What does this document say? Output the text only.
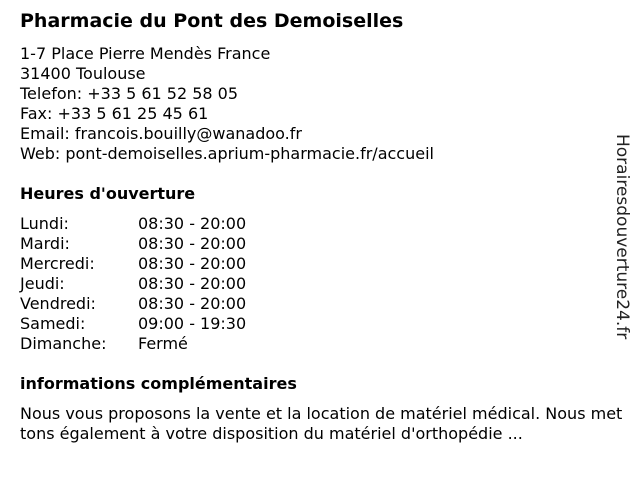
Pharmacie du Pont des Demoiselles
1-7 Place Pierre Mendès France
31400 Toulouse
Telefon: +33 5 61 52 58 05
Fax: +33 5 61 25 45 61
Email: francois.bouilly@wanadoo.fr
Web: pont-demoiselles.aprium-pharmacie.fr/accueil
Heures d'ouverture
Lundi:	08:30 - 20:00
Mardi:	08:30 - 20:00
Mercredi:	08:30 - 20:00
Jeudi:	08:30 - 20:00
Vendredi:	08:30 - 20:00
Samedi:	09:00 - 19:30
Dimanche:	Fermé
informations complémentaires
Nous vous proposons la vente et la location de matériel médical. Nous mettons également à votre disposition du matériel d'orthopédie ...
Horairesdouverture24.fr
